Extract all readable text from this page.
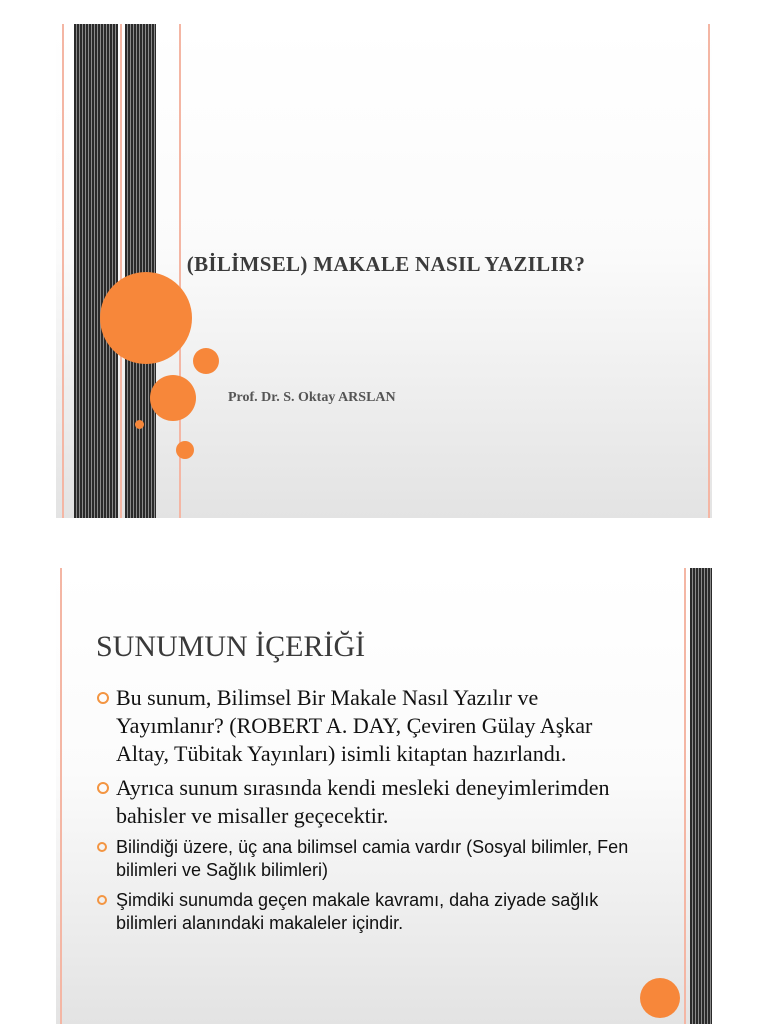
(BİLİMSEL) MAKALE NASIL YAZILIR?
Prof. Dr. S. Oktay ARSLAN
SUNUMUN İÇERİĞİ
Bu sunum, Bilimsel Bir Makale Nasıl Yazılır ve Yayımlanır? (ROBERT A. DAY, Çeviren Gülay Aşkar Altay, Tübitak Yayınları) isimli kitaptan hazırlandı.
Ayrıca sunum sırasında kendi mesleki deneyimlerimden bahisler ve misaller geçecektir.
Bilindiği üzere, üç ana bilimsel camia vardır (Sosyal bilimler, Fen bilimleri ve Sağlık bilimleri)
Şimdiki sunumda geçen makale kavramı, daha ziyade sağlık bilimleri alanındaki makaleler içindir.
